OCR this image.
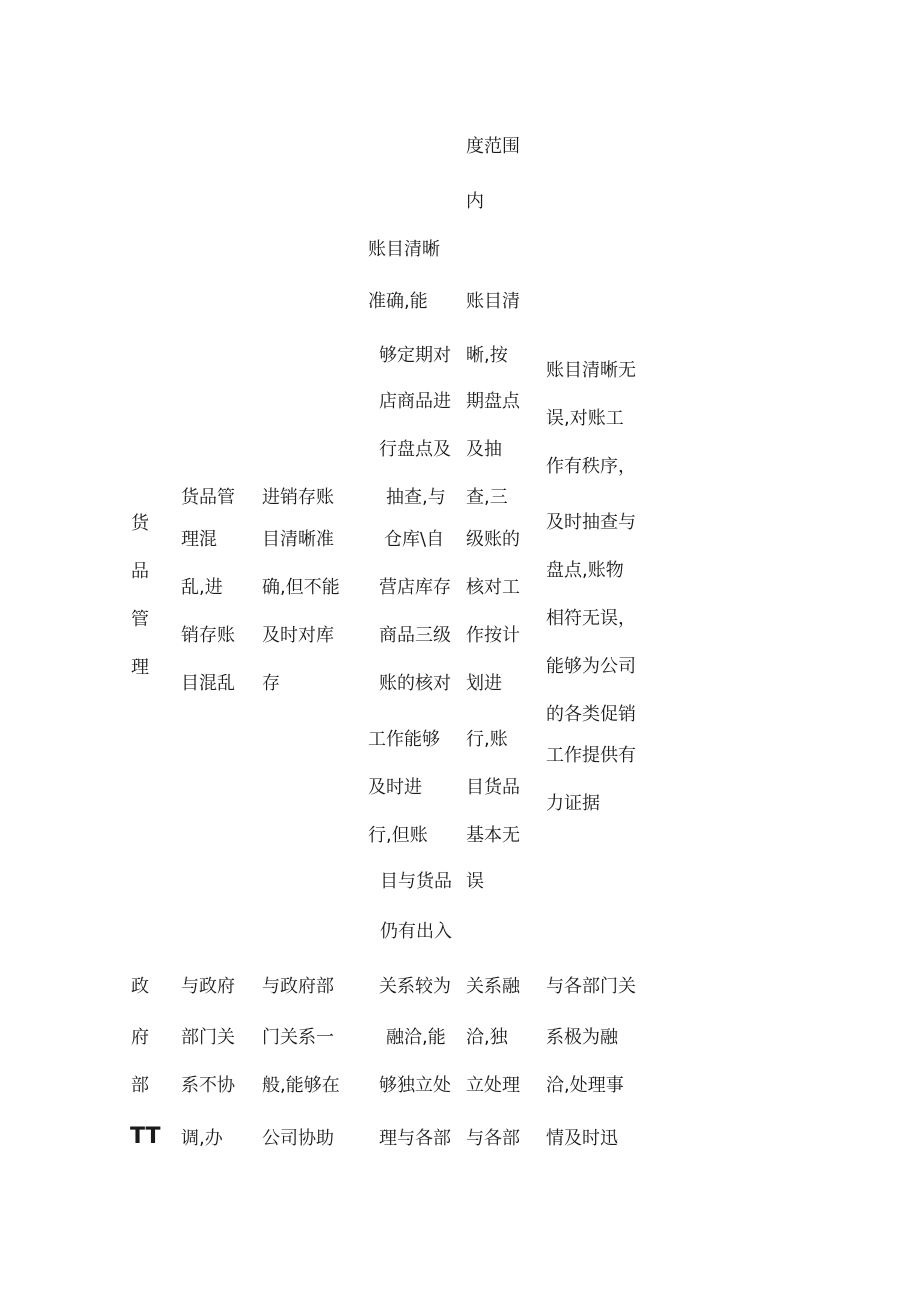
货
品
管
理
货品管
理混
乱,进
销存账
目混乱
进销存账
目清晰准
确,但不能
及时对库
存
账目清晰
准确,能
够定期对
店商品进
行盘点及
抽查,与
仓库\自
营店库存
商品三级
账的核对
工作能够
及时进
行,但账
目与货品
仍有出入
度范围
内
账目清
晰,按
期盘点
及抽
查,三
级账的
核对工
作按计
划进
行,账
目货品
基本无
误
账目清晰无
误,对账工
作有秩序，
及时抽查与
盘点,账物
相符无误，
能够为公司
的各类促销
工作提供有
力证据
政
府
部
TT
与政府
部门关
系不协
调,办
与政府部
门关系一
般,能够在
公司协助
关系较为
融洽,能
够独立处
理与各部
关系融
洽,独
立处理
与各部
与各部门关
系极为融
洽,处理事
情及时迅
